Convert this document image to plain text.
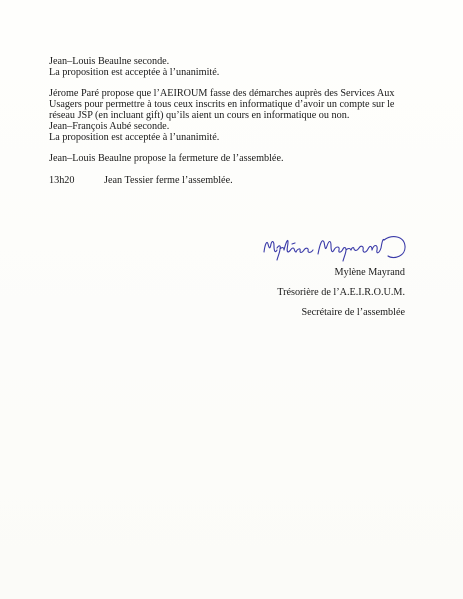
Jean–Louis Beaulne seconde.
La proposition est acceptée à l’unanimité.

Jérome Paré propose que l’AEIROUM fasse des démarches auprès des Services Aux
Usagers pour permettre à tous ceux inscrits en informatique d’avoir un compte sur le
réseau JSP (en incluant gift) qu’ils aient un cours en informatique ou non.
Jean–François Aubé seconde.
La proposition est acceptée à l’unanimité.

Jean–Louis Beaulne propose la fermeture de l’assemblée.

13h20	Jean Tessier ferme l’assemblée.

Mylène Mayrand
Trésorière de l’A.E.I.R.O.U.M.
Secrétaire de l’assemblée
